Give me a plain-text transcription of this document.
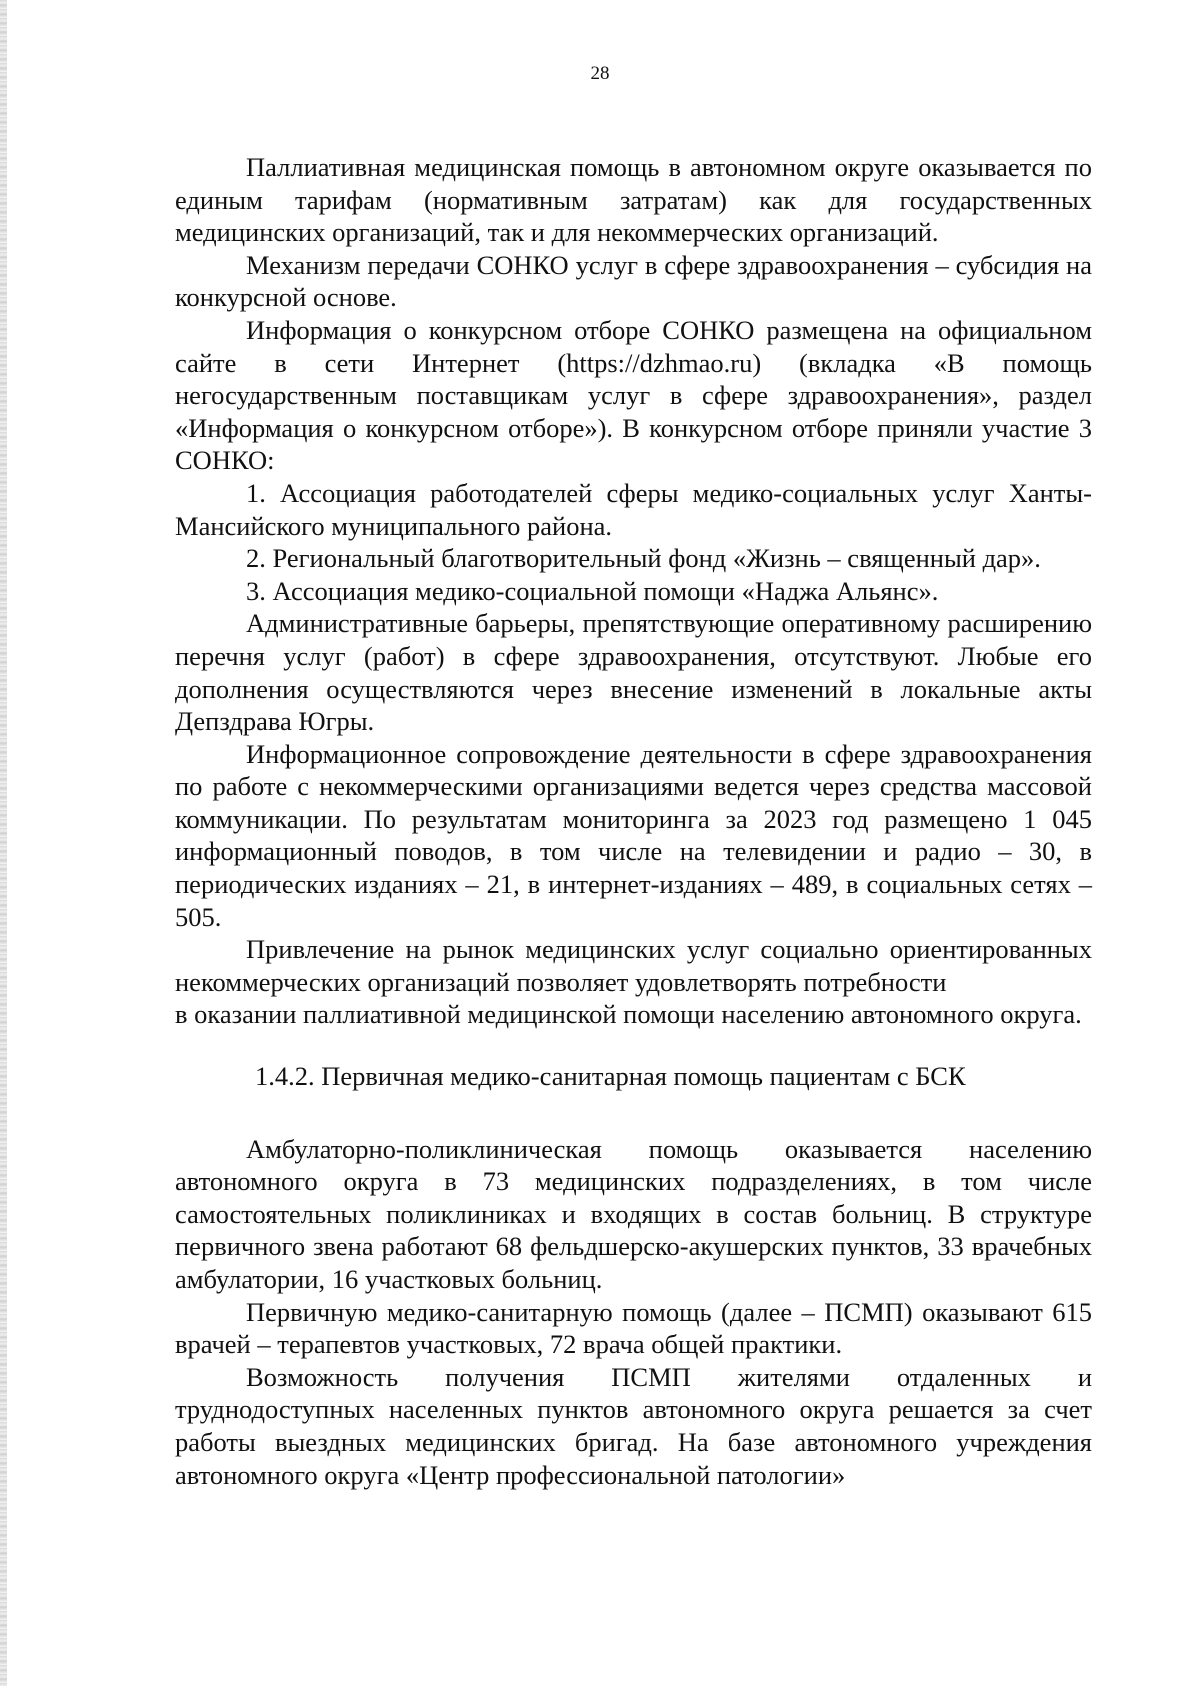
28

Паллиативная медицинская помощь в автономном округе оказывается по единым тарифам (нормативным затратам) как для государственных медицинских организаций, так и для некоммерческих организаций.

Механизм передачи СОНКО услуг в сфере здравоохранения – субсидия на конкурсной основе.

Информация о конкурсном отборе СОНКО размещена на официальном сайте в сети Интернет (https://dzhmao.ru) (вкладка «В помощь негосударственным поставщикам услуг в сфере здравоохранения», раздел «Информация о конкурсном отборе»). В конкурсном отборе приняли участие 3 СОНКО:

1. Ассоциация работодателей сферы медико-социальных услуг Ханты-Мансийского муниципального района.

2. Региональный благотворительный фонд «Жизнь – священный дар».

3. Ассоциация медико-социальной помощи «Наджа Альянс».

Административные барьеры, препятствующие оперативному расширению перечня услуг (работ) в сфере здравоохранения, отсутствуют. Любые его дополнения осуществляются через внесение изменений в локальные акты Депздрава Югры.

Информационное сопровождение деятельности в сфере здравоохранения по работе с некоммерческими организациями ведется через средства массовой коммуникации. По результатам мониторинга за 2023 год размещено 1 045 информационный поводов, в том числе на телевидении и радио – 30, в периодических изданиях – 21, в интернет-изданиях – 489, в социальных сетях – 505.

Привлечение на рынок медицинских услуг социально ориентированных некоммерческих организаций позволяет удовлетворять потребности

в оказании паллиативной медицинской помощи населению автономного округа.

1.4.2. Первичная медико-санитарная помощь пациентам с БСК

Амбулаторно-поликлиническая помощь оказывается населению автономного округа в 73 медицинских подразделениях, в том числе самостоятельных поликлиниках и входящих в состав больниц. В структуре первичного звена работают 68 фельдшерско-акушерских пунктов, 33 врачебных амбулатории, 16 участковых больниц.

Первичную медико-санитарную помощь (далее – ПСМП) оказывают 615 врачей – терапевтов участковых, 72 врача общей практики.

Возможность получения ПСМП жителями отдаленных и труднодоступных населенных пунктов автономного округа решается за счет работы выездных медицинских бригад. На базе автономного учреждения автономного округа «Центр профессиональной патологии»
